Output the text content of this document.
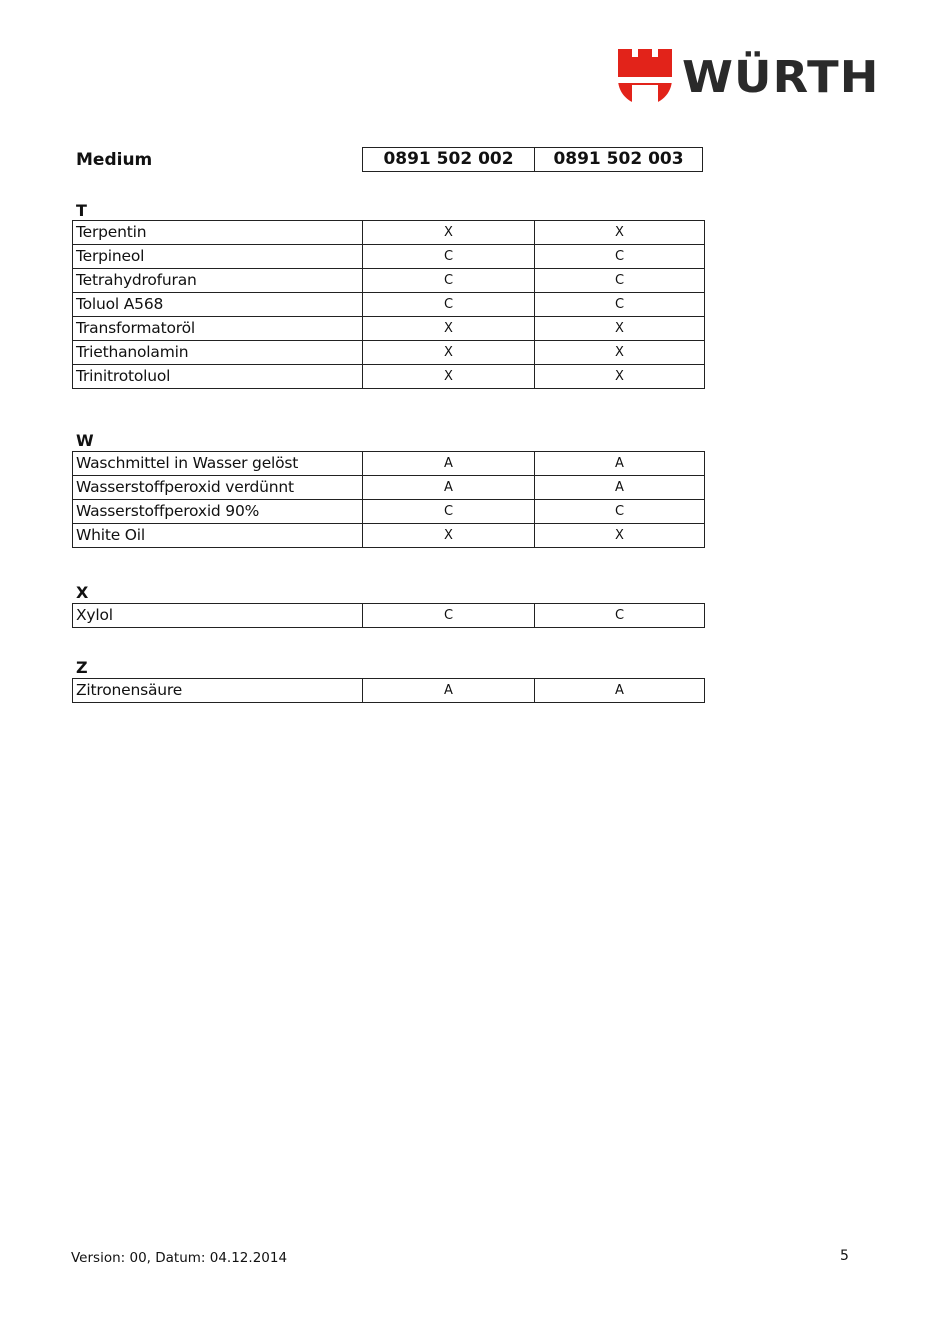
WÜRTH
Medium	0891 502 002	0891 502 003
T
Terpentin	X	X
Terpineol	C	C
Tetrahydrofuran	C	C
Toluol A568	C	C
Transformatoröl	X	X
Triethanolamin	X	X
Trinitrotoluol	X	X
W
Waschmittel in Wasser gelöst	A	A
Wasserstoffperoxid verdünnt	A	A
Wasserstoffperoxid 90%	C	C
White Oil	X	X
X
Xylol	C	C
Z
Zitronensäure	A	A
Version: 00, Datum: 04.12.2014	5
